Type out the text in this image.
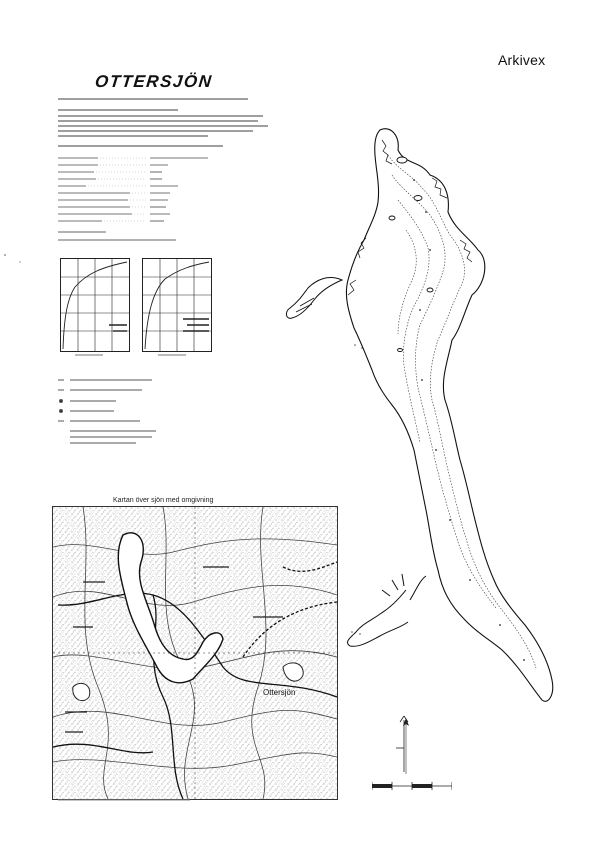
Arkivex
OTTERSJÖN
Ottersjön
Kartan över sjön med omgivning
